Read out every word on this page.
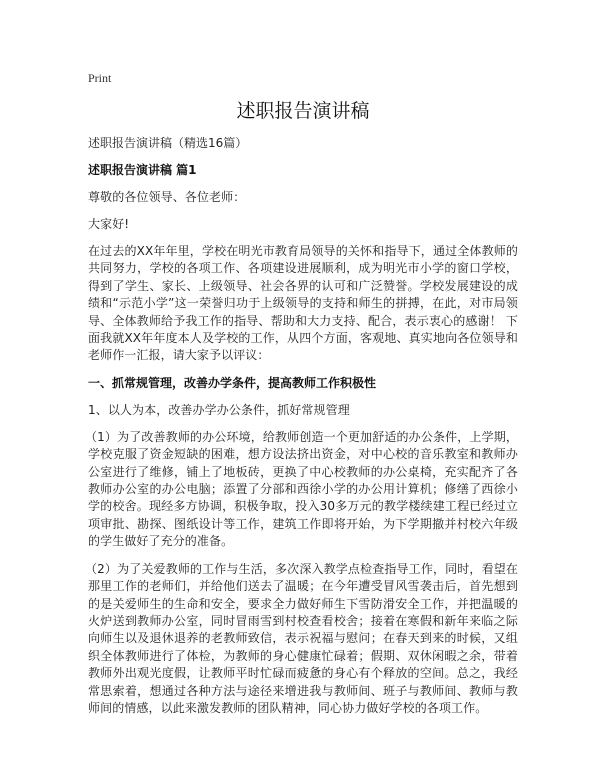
Print
述职报告演讲稿

述职报告演讲稿（精选16篇）

述职报告演讲稿 篇1

尊敬的各位领导、各位老师：

大家好!

在过去的XX年年里，学校在明光市教育局领导的关怀和指导下，通过全体教师的共同努力，学校的各项工作、各项建设进展顺利，成为明光市小学的窗口学校，得到了学生、家长、上级领导、社会各界的认可和广泛赞誉。学校发展建设的成绩和“示范小学”这一荣誉归功于上级领导的支持和师生的拼搏，在此，对市局领导、全体教师给予我工作的指导、帮助和大力支持、配合，表示衷心的感谢！ 下面我就XX年年度本人及学校的工作，从四个方面，客观地、真实地向各位领导和老师作一汇报，请大家予以评议：

一、抓常规管理，改善办学条件，提高教师工作积极性

1、以人为本，改善办学办公条件，抓好常规管理

（1）为了改善教师的办公环境，给教师创造一个更加舒适的办公条件，上学期，学校克服了资金短缺的困难，想方设法挤出资金，对中心校的音乐教室和教师办公室进行了维修，铺上了地板砖，更换了中心校教师的办公桌椅，充实配齐了各教师办公室的办公电脑；添置了分部和西徐小学的办公用计算机；修缮了西徐小学的校舍。现经多方协调，积极争取，投入30多万元的教学楼续建工程已经过立项审批、勘探、图纸设计等工作，建筑工作即将开始，为下学期撤并村校六年级的学生做好了充分的准备。

（2）为了关爱教师的工作与生活，多次深入教学点检查指导工作，同时，看望在那里工作的老师们，并给他们送去了温暖；在今年遭受冒风雪袭击后，首先想到的是关爱师生的生命和安全，要求全力做好师生下雪防滑安全工作，并把温暖的火炉送到教师办公室，同时冒雨雪到村校查看校舍；接着在寒假和新年来临之际向师生以及退休退养的老教师致信，表示祝福与慰问；在春天到来的时候，又组织全体教师进行了体检，为教师的身心健康忙碌着；假期、双休闲暇之余，带着教师外出观光度假，让教师平时忙碌而疲惫的身心有个释放的空间。总之，我经常思索着，想通过各种方法与途径来增进我与教师间、班子与教师间、教师与教师间的情感，以此来激发教师的团队精神，同心协力做好学校的各项工作。
